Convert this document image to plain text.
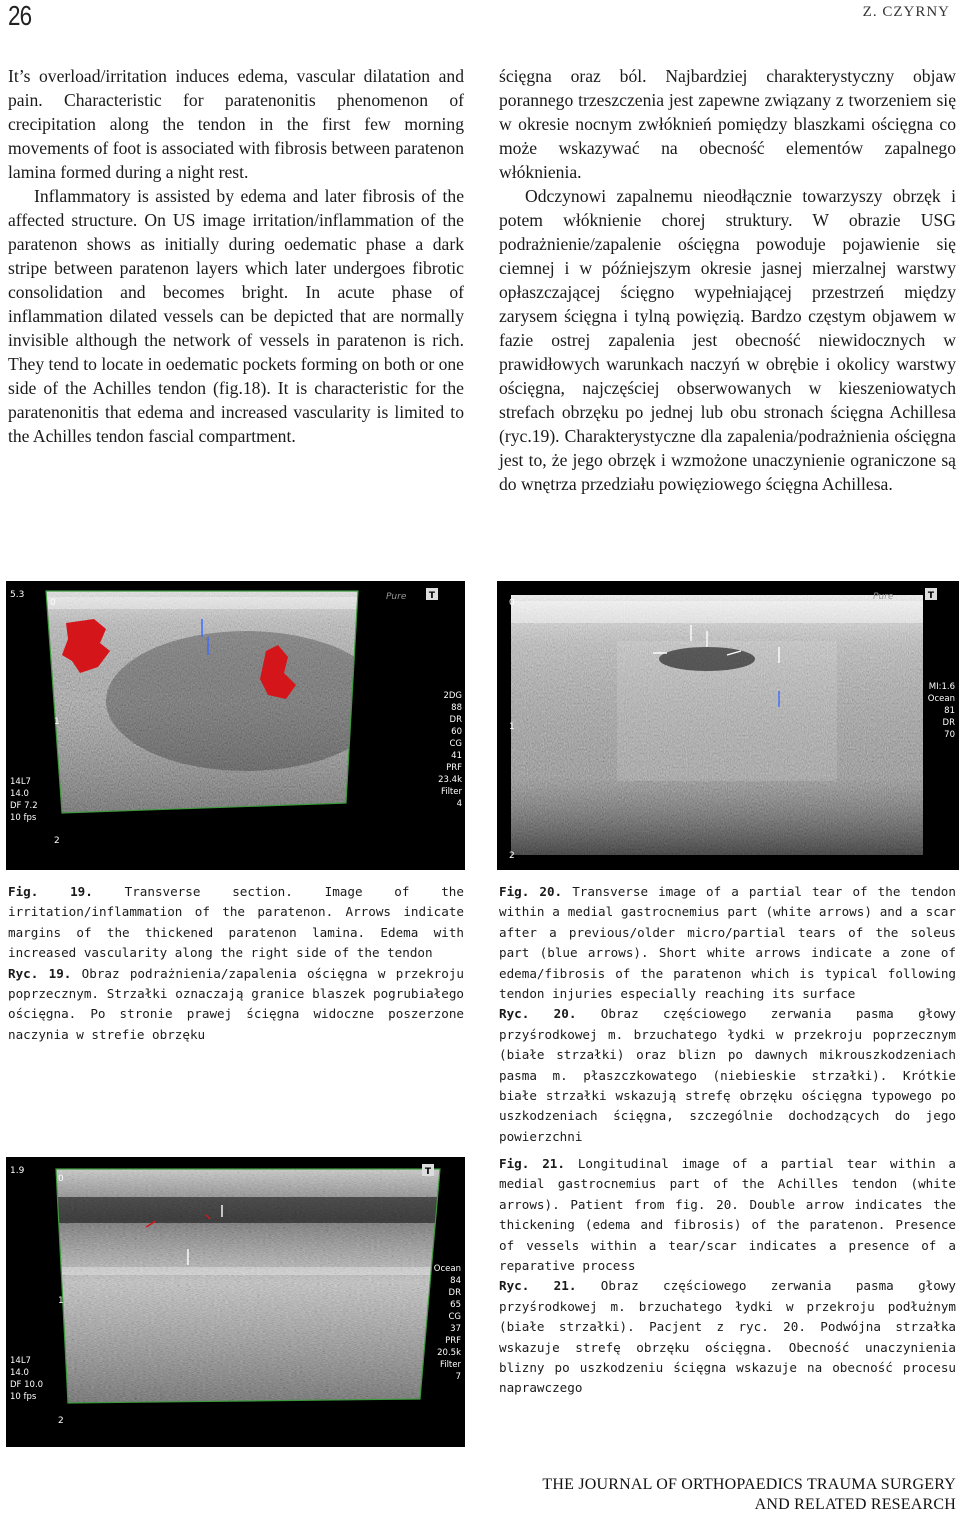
26	Z. CZYRNY

It’s overload/irritation induces edema, vascular dilatation and pain. Characteristic for paratenonitis phenomenon of crecipitation along the tendon in the first few morning movements of foot is associated with fibrosis between paratenon lamina formed during a night rest.

Inflammatory is assisted by edema and later fibrosis of the affected structure. On US image irritation/inflammation of the paratenon shows as initially during oedematic phase a dark stripe between paratenon layers which later undergoes fibrotic consolidation and becomes bright. In acute phase of inflammation dilated vessels can be depicted that are normally invisible although the network of vessels in paratenon is rich. They tend to locate in oedematic pockets forming on both or one side of the Achilles tendon (fig.18). It is characteristic for the paratenonitis that edema and increased vascularity is limited to the Achilles tendon fascial compartment.

ścięgna oraz ból. Najbardziej charakterystyczny objaw porannego trzeszczenia jest zapewne związany z tworzeniem się w okresie nocnym zwłóknień pomiędzy blaszkami ościęgna co może wskazywać na obecność elementów zapalnego włóknienia.

Odczynowi zapalnemu nieodłącznie towarzyszy obrzęk i potem włóknienie chorej struktury. W obrazie USG podrażnienie/zapalenie ościęgna powoduje pojawienie się ciemnej i w późniejszym okresie jasnej mierzalnej warstwy opłaszczającej ścięgno wypełniającej przestrzeń między zarysem ścięgna i tylną powięzią. Bardzo częstym objawem w fazie ostrej zapalenia jest obecność niewidocznych w prawidłowych warunkach naczyń w obrębie i okolicy warstwy ościęgna, najczęściej obserwowanych w kieszeniowatych strefach obrzęku po jednej lub obu stronach ścięgna Achillesa (ryc.19). Charakterystyczne dla zapalenia/podrażnienia ościęgna jest to, że jego obrzęk i wzmożone unaczynienie ograniczone są do wnętrza przedziału powięziowego ścięgna Achillesa.

5.3
0
1
2
Pure	T
2DG
88
DR
60
CG
41
PRF
23.4k
Filter
4
14L7
14.0
DF 7.2
10 fps
0
1
2
Pure	T
MI:1.6
Ocean
81
DR
70

Fig. 19.	Transverse section. Image of the irritation/inflammation of the paratenon. Arrows indicate margins of the thickened paratenon lamina. Edema with increased vascularity along the right side of the tendon

Ryc. 19. Obraz podrażnienia/zapalenia ościęgna w przekroju poprzecznym. Strzałki oznaczają granice blaszek pogrubiałego ościęgna. Po stronie prawej ścięgna widoczne poszerzone naczynia w strefie obrzęku

Fig. 20. Transverse image of a partial tear of the tendon within a medial gastrocnemius part (white arrows) and a scar after a previous/older micro/partial tears of the soleus part (blue arrows). Short white arrows indicate a zone of edema/fibrosis of the paratenon which is typical following tendon injuries especially reaching its surface

Ryc. 20. Obraz częściowego zerwania pasma głowy przyśrodkowej m. brzuchatego łydki w przekroju poprzecznym (białe strzałki) oraz blizn po dawnych mikrouszkodzeniach pasma m. płaszczkowatego (niebieskie strzałki). Krótkie białe strzałki wskazują strefę obrzęku ościęgna typowego po uszkodzeniach ścięgna, szczególnie dochodzących do jego powierzchni

1.9
0
1
2
T
Ocean
84
DR
65
CG
37
PRF
20.5k
Filter
7
14L7
14.0
DF 10.0
10 fps

Fig. 21. Longitudinal image of a partial tear within a medial gastrocnemius part of the Achilles tendon (white arrows). Patient from fig. 20. Double arrow indicates the thickening (edema and fibrosis) of the paratenon. Presence of vessels within a tear/scar indicates a presence of a reparative process

Ryc. 21. Obraz częściowego zerwania pasma głowy przyśrodkowej m. brzuchatego łydki w przekroju podłużnym (białe strzałki). Pacjent z ryc. 20. Podwójna strzałka wskazuje strefę obrzęku ościęgna. Obecność unaczynienia blizny po uszkodzeniu ścięgna wskazuje na obecność procesu naprawczego

THE JOURNAL OF ORTHOPAEDICS TRAUMA SURGERY
AND RELATED RESEARCH
